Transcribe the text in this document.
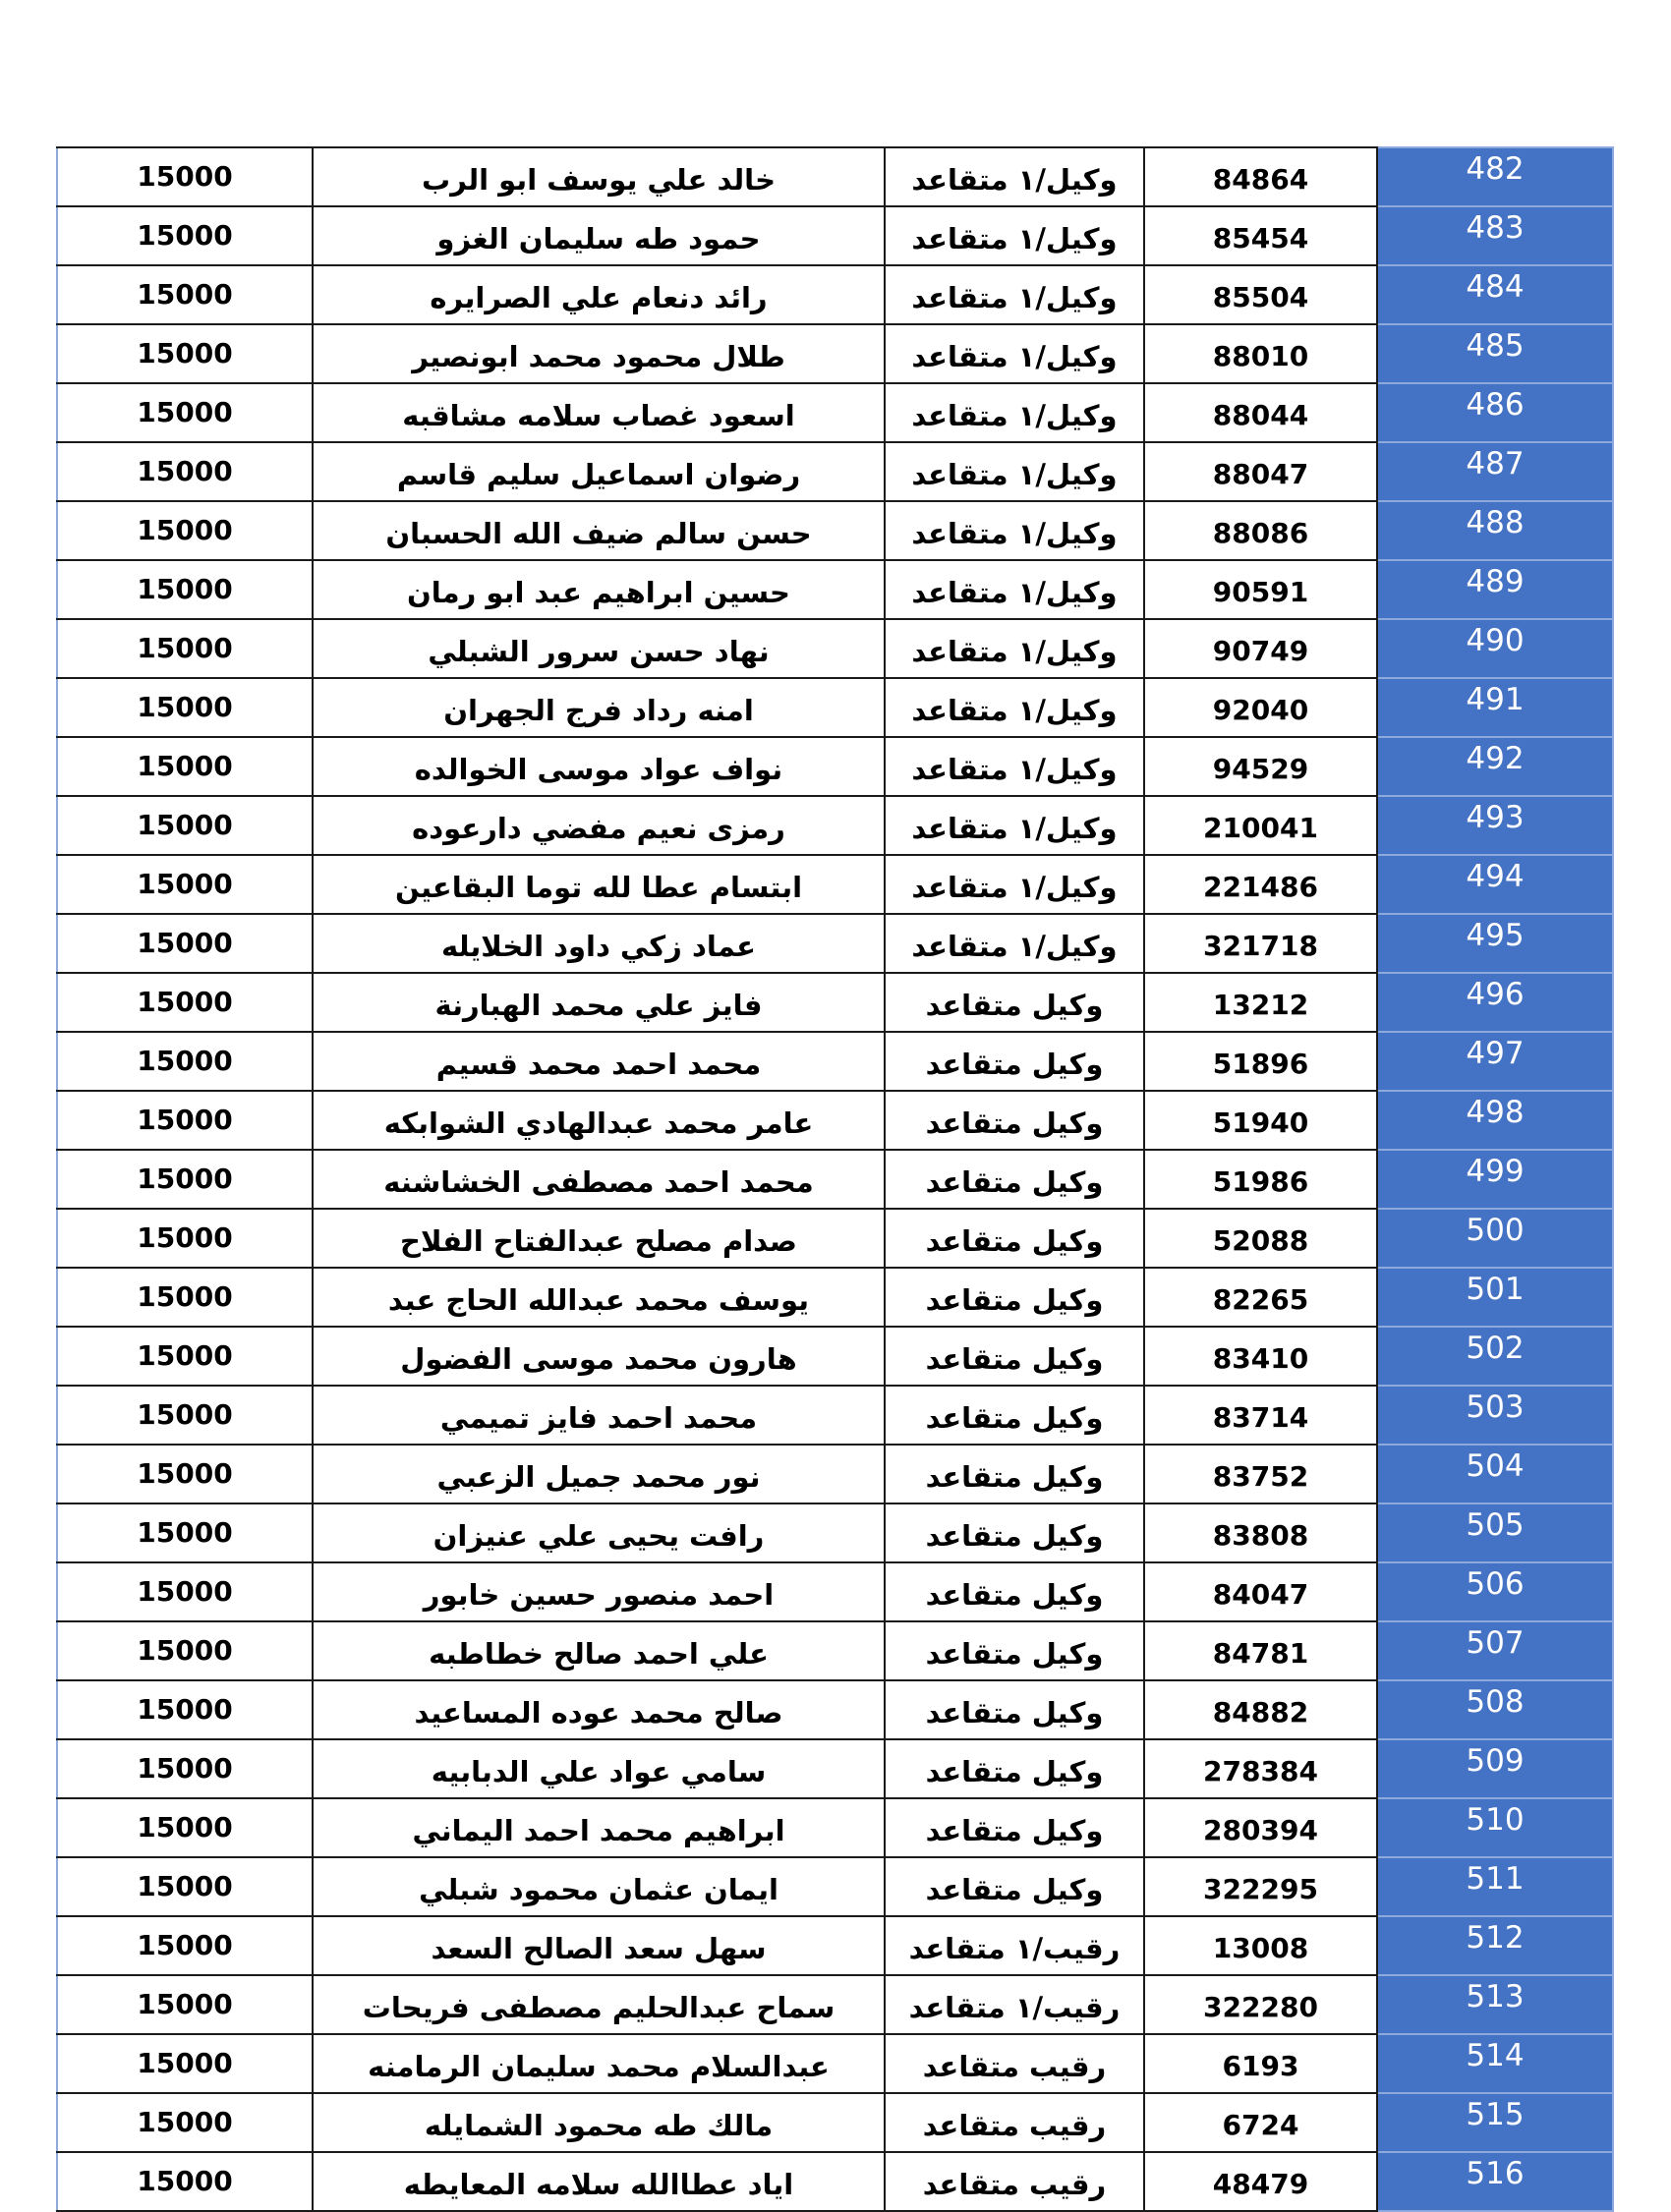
15000	خالد علي يوسف ابو الرب	وكيل/١ متقاعد	84864	482
15000	حمود طه سليمان الغزو	وكيل/١ متقاعد	85454	483
15000	رائد دنعام علي الصرايره	وكيل/١ متقاعد	85504	484
15000	طلال محمود محمد ابونصير	وكيل/١ متقاعد	88010	485
15000	اسعود غصاب سلامه مشاقبه	وكيل/١ متقاعد	88044	486
15000	رضوان اسماعيل سليم قاسم	وكيل/١ متقاعد	88047	487
15000	حسن سالم ضيف الله الحسبان	وكيل/١ متقاعد	88086	488
15000	حسين ابراهيم عبد ابو رمان	وكيل/١ متقاعد	90591	489
15000	نهاد حسن سرور الشبلي	وكيل/١ متقاعد	90749	490
15000	امنه رداد فرج الجهران	وكيل/١ متقاعد	92040	491
15000	نواف عواد موسى الخوالده	وكيل/١ متقاعد	94529	492
15000	رمزى نعيم مفضي دارعوده	وكيل/١ متقاعد	210041	493
15000	ابتسام عطا لله توما البقاعين	وكيل/١ متقاعد	221486	494
15000	عماد زكي داود الخلايله	وكيل/١ متقاعد	321718	495
15000	فايز علي محمد الهبارنة	وكيل متقاعد	13212	496
15000	محمد احمد محمد قسيم	وكيل متقاعد	51896	497
15000	عامر محمد عبدالهادي الشوابكه	وكيل متقاعد	51940	498
15000	محمد احمد مصطفى الخشاشنه	وكيل متقاعد	51986	499
15000	صدام مصلح عبدالفتاح الفلاح	وكيل متقاعد	52088	500
15000	يوسف محمد عبدالله الحاج عبد	وكيل متقاعد	82265	501
15000	هارون محمد موسى الفضول	وكيل متقاعد	83410	502
15000	محمد احمد فايز تميمي	وكيل متقاعد	83714	503
15000	نور محمد جميل الزعبي	وكيل متقاعد	83752	504
15000	رافت يحيى علي عنيزان	وكيل متقاعد	83808	505
15000	احمد منصور حسين خابور	وكيل متقاعد	84047	506
15000	علي احمد صالح خطاطبه	وكيل متقاعد	84781	507
15000	صالح محمد عوده المساعيد	وكيل متقاعد	84882	508
15000	سامي عواد علي الدبابيه	وكيل متقاعد	278384	509
15000	ابراهيم محمد احمد اليماني	وكيل متقاعد	280394	510
15000	ايمان عثمان محمود شبلي	وكيل متقاعد	322295	511
15000	سهل سعد الصالح السعد	رقيب/١ متقاعد	13008	512
15000	سماح عبدالحليم مصطفى فريحات	رقيب/١ متقاعد	322280	513
15000	عبدالسلام محمد سليمان الرمامنه	رقيب متقاعد	6193	514
15000	مالك طه محمود الشمايله	رقيب متقاعد	6724	515
15000	اياد عطاالله سلامه المعايطه	رقيب متقاعد	48479	516
